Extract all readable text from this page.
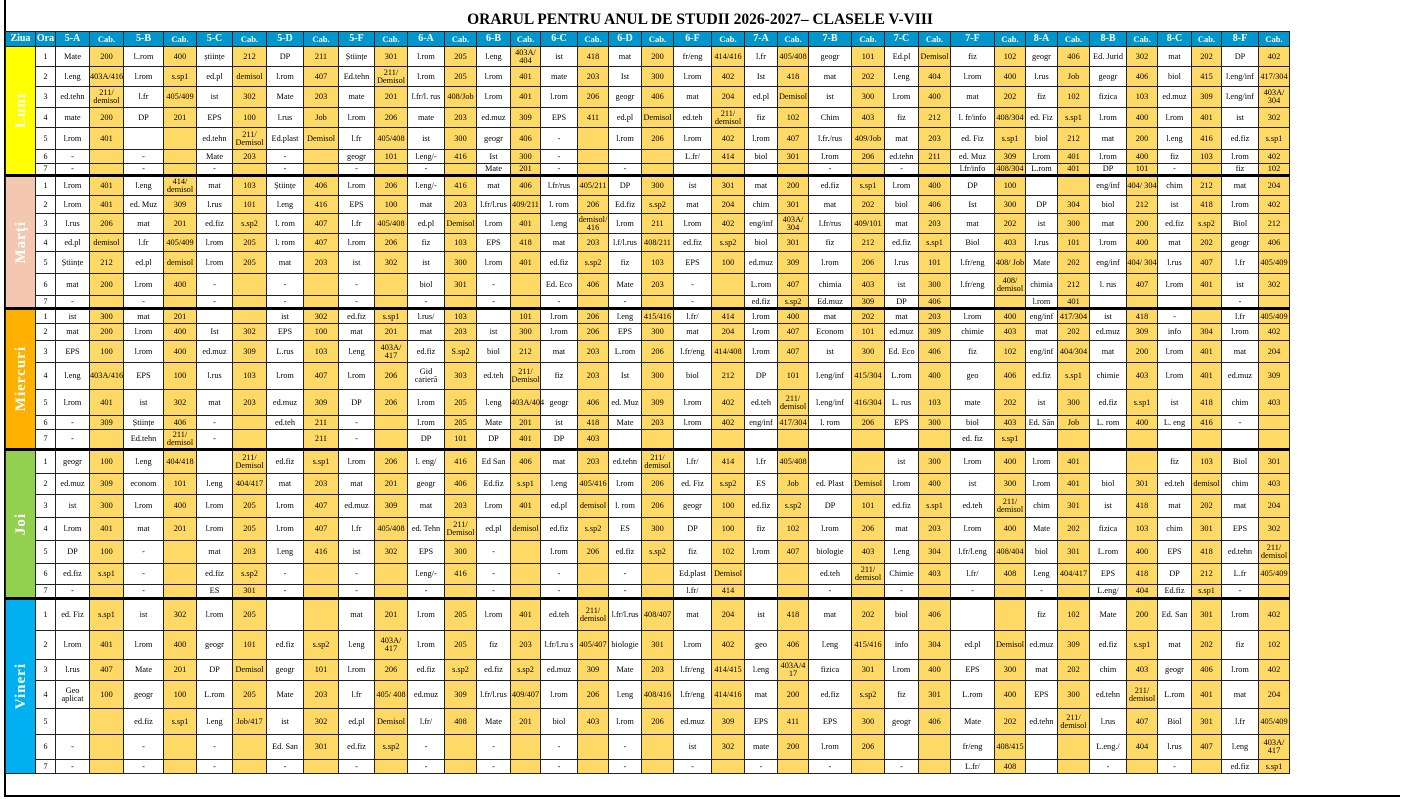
ORARUL PENTRU ANUL DE STUDII 2026-2027– CLASELE V-VIII
Ziua	Ora	5-A	Cab.	5-B	Cab.	5-C	Cab.	5-D	Cab.	5-F	Cab.	6-A	Cab.	6-B	Cab.	6-C	Cab.	6-D	Cab.	6-F	Cab.	7-A	Cab.	7-B	Cab.	7-C	Cab.	7-F	Cab.	8-A	Cab.	8-B	Cab.	8-C	Cab.	8-F	Cab.
Luni	1	Mate	200	l..rom	400	științe	212	DP	211	Științe	301	l.rom	205	l.eng	403A/ 404	ist	418	mat	200	fr/eng	414/416	l.fr	405/408	geogr	101	Ed.pl	Demisol	fiz	102	geogr	406	Ed. Jurid	302	mat	202	DP	402
	2	l.eng	403A/416	l.rom	s.sp1	ed.pl	demisol	l.rom	407	Ed.tehn	211/ Demisol	l.rom	205	l.rom	401	mate	203	Ist	300	l.rom	402	Ist	418	mat	202	l.eng	404	l.rom	400	l.rus	Job	geogr	406	biol	415	l.eng/inf	417/304
	3	ed.tehn	211/ demisol	l.fr	405/409	ist	302	Mate	203	mate	201	l.fr/l. rus	408/Job	l.rom	401	l.rom	206	geogr	406	mat	204	ed.pl	Demisol	ist	300	l.rom	400	mat	202	fiz	102	fizica	103	ed.muz	309	l.eng/inf	403A/ 304
	4	mate	200	DP	201	EPS	100	l.rus	Job	l.rom	206	mate	203	ed.muz	309	EPS	411	ed.pl	Demisol	ed.teh	211/ demisol	fiz	102	Chim	403	fiz	212	l. fr/info	408/304	ed. Fiz	s.sp1	l.rom	400	l.rom	401	ist	302
	5	l.rom	401			ed.tehn	211/ Demisol	Ed.plast	Demisol	l.fr	405/408	ist	300	geogr	406	-		l.rom	206	l.rom	402	l.rom	407	l.fr./rus	409/Job	mat	203	ed. Fiz	s.sp1	biol	212	mat	200	l.eng	416	ed.fiz	s.sp1
	6	-		-		Mate	203	-		geogr	101	l.eng/-	416	Ist	300	-				L.fr/	414	biol	301	l.rom	206	ed.tehn	211	ed. Muz	309	l.rom	401	l.rom	400	fiz	103	l.rom	402
	7	-		-		-		-		-		-		Mate	201	-		-						-		-		l.fr/info	408/304	L.rom	401	DP	101	-		fiz	102
Marți	1	l.rom	401	l.eng	414/ demisol	mat	103	Științe	406	l.rom	206	l.eng/-	416	mat	406	l.fr/rus	405/211	DP	300	ist	301	mat	200	ed.fiz	s.sp1	l.rom	400	DP	100			eng/inf	404/ 304	chim	212	mat	204
	2	l.rom	401	ed. Muz	309	l.rus	101	l.eng	416	EPS	100	mat	203	l.fr/l.rus	409/211	l. rom	206	Ed.fiz	s.sp2	mat	204	chim	301	mat	202	biol	406	Ist	300	DP	304	biol	212	ist	418	l.rom	402
	3	l.rus	206	mat	201	ed.fiz	s.sp2	l. rom	407	l.fr	405/408	ed.pl	Demisol	l.rom	401	l.eng	demisol/ 416	l.rom	211	l.rom	402	eng/inf	403A/ 304	l.fr/rus	409/101	mat	203	mat	202	ist	300	mat	200	ed.fiz	s.sp2	Biol	212
	4	ed.pl	demisol	l.fr	405/409	l.rom	205	l. rom	407	l.rom	206	fiz	103	EPS	418	mat	203	l.f/l.rus	408/211	ed.fiz	s.sp2	biol	301	fiz	212	ed.fiz	s.sp1	Biol	403	l.rus	101	l.rom	400	mat	202	geogr	406
	5	Științe	212	ed.pl	demisol	l.rom	205	mat	203	ist	302	ist	300	l.rom	401	ed.fiz	s.sp2	fiz	103	EPS	100	ed.muz	309	l.rom	206	l.rus	101	l.fr/eng	408/ Job	Mate	202	eng/inf	404/ 304	l.rus	407	l.fr	405/409
	6	mat	200	l.rom	400	-		-		-		biol	301	-		Ed. Eco	406	Mate	203	-		L.rom	407	chimia	403	ist	300	l.fr/eng	408/ demisol	chimia	212	l. rus	407	l.rom	401	ist	302
	7	-		-		-		-		-		-		-		-		-		-		ed.fiz	s.sp2	Ed.muz	309	DP	406			l.rom	401					-	
Miercuri	1	ist	300	mat	201			ist	302	ed.fiz	s.sp1	l.rus/	103		101	l.rom	206	l.eng	415/416	l.fr/	414	l.rom	400	mat	202	mat	203	l.rom	400	eng/inf	417/304	ist	418	-		l.fr	405/409
	2	mat	200	l.rom	400	Ist	302	EPS	100	mat	201	mat	203	ist	300	l.rom	206	EPS	300	mat	204	l.rom	407	Econom	101	ed.muz	309	chimie	403	mat	202	ed.muz	309	info	304	l.rom	402
	3	EPS	100	l.rom	400	ed.muz	309	L.rus	103	l.eng	403A/ 417	ed.fiz	S.sp2	biol	212	mat	203	L.rom	206	l.fr/eng	414/408	l.rom	407	ist	300	Ed. Eco	406	fiz	102	eng/inf	404/304	mat	200	l.rom	401	mat	204
	4	l.eng	403A/416	EPS	100	l.rus	103	l.rom	407	l.rom	206	Gid carieră	303	ed.teh	211/ Demisol	fiz	203	Ist	300	biol	212	DP	101	l.eng/inf	415/304	L.rom	400	geo	406	ed.fiz	s.sp1	chimie	403	l.rom	401	ed.muz	309
	5	l.rom	401	ist	302	mat	203	ed.muz	309	DP	206	l.rom	205	l.eng	403A/404	geogr	406	ed. Muz	309	l.rom	402	ed.teh	211/ demisol	l.eng/inf	416/304	L. rus	103	mate	202	ist	300	ed.fiz	s.sp1	ist	418	chim	403
	6	-	309	Științe	406	-		ed.teh	211	-		l.rom	205	Mate	201	ist	418	Mate	203	l.rom	402	eng/inf	417/304	l. rom	206	EPS	300	biol	403	Ed. Săn	Job	L. rom	400	L. eng	416	-	
	7	-		Ed.tehn	211/ demisol	-			211	-		DP	101	DP	401	DP	403											ed. fiz	s.sp1								
Joi	1	geogr	100	l.eng	404/418		211/ Demisol	ed.fiz	s.sp1	l.rom	206	l. eng/	416	Ed San	406	mat	203	ed.tehn	211/ demisol	l.fr/	414	l.fr	405/408			ist	300	l.rom	400	l.rom	401			fiz	103	Biol	301
	2	ed.muz	309	econom	101	l.eng	404/417	mat	203	mat	201	geogr	406	Ed.fiz	s.sp1	l.eng	405/416	l.rom	206	ed. Fiz	s.sp2	ES	Job	ed. Plast	Demisol	l.rom	400	ist	300	l.rom	401	biol	301	ed.teh	demisol	chim	403
	3	ist	300	l.rom	400	l.rom	205	l.rom	407	ed.muz	309	mat	203	l.rom	401	ed.pl	demisol	l. rom	206	geogr	100	ed.fiz	s.sp2	DP	101	ed.fiz	s.sp1	ed.teh	211/ demisol	chim	301	ist	418	mat	202	mat	204
	4	l.rom	401	mat	201	l.rom	205	l.rom	407	l.fr	405/408	ed. Tehn	211/ Demisol	ed.pl	demisol	ed.fiz	s.sp2	ES	300	DP	100	fiz	102	l.rom	206	mat	203	l.rom	400	Mate	202	fizica	103	chim	301	EPS	302
	5	DP	100	-		mat	203	l.eng	416	ist	302	EPS	300	-		l.rom	206	ed.fiz	s.sp2	fiz	102	l.rom	407	biologie	403	l.eng	304	l.fr/l.eng	408/404	biol	301	L.rom	400	EPS	418	ed.tehn	211/ demisol
	6	ed.fiz	s.sp1	-		ed.fiz	s.sp2	-		-		l.eng/-	416	-		-		-		Ed.plast	Demisol			ed.teh	211/ demisol	Chimie	403	l.fr/	408	l.eng	404/417	EPS	418	DP	212	L.fr	405/409
	7	-		-		ES	301	-		-		-		-		-		-		l.fr/	414			-		-		-		-		L.eng/	404	Ed.fiz	s.sp1	-	
Vineri	1	ed. Fiz	s.sp1	ist	302	l.rom	205			mat	201	l.rom	205	l.rom	401	ed.teh	211/ demisol	l.fr/l.rus	408/407	mat	204	ist	418	mat	202	biol	406			fiz	102	Mate	200	Ed. San	301	l.rom	402
	2	l.rom	401	l.rom	400	geogr	101	ed.fiz	s.sp2	l.eng	403A/ 417	l.rom	205	fiz	203	l.fr/l.ru s	405/407	biologie	301	l.rom	402	geo	406	l.eng	415/416	info	304	ed.pl	Demisol	ed.muz	309	ed.fiz	s.sp1	mat	202	fiz	102
	3	l.rus	407	Mate	201	DP	Demisol	geogr	101	l.rom	206	ed.fiz	s.sp2	ed.fiz	s.sp2	ed.muz	309	Mate	203	l.fr/eng	414/415	l.eng	403A/4 17	fizica	301	l.rom	400	EPS	300	mat	202	chim	403	geogr	406	l.rom	402
	4	Geo aplicat	100	geogr	100	L.rom	205	Mate	203	l.fr	405/ 408	ed.muz	309	l.fr/l.rus	409/407	l.rom	206	l.eng	408/416	l.fr/eng	414/416	mat	200	ed.fiz	s.sp2	fiz	301	L.rom	400	EPS	300	ed.tehn	211/ demisol	L.rom	401	mat	204
	5			ed.fiz	s.sp1	l.eng	Job/417	ist	302	ed.pl	Demisol	l.fr/	408	Mate	201	biol	403	l.rom	206	ed.muz	309	EPS	411	EPS	300	geogr	406	Mate	202	ed.tehn	211/ demisol	l.rus	407	Biol	301	l.fr	405/409
	6	-		-		-		Ed. San	301	ed.fiz	s.sp2	-		-		-		-		ist	302	mate	200	l.rom	206			fr/eng	408/415			L.eng./	404	l.rus	407	l.eng	403A/ 417
	7	-		-		-		-		-		-		-		-		-		-		-		-		-		L.fr/	408			-		-		ed.fiz	s.sp1
